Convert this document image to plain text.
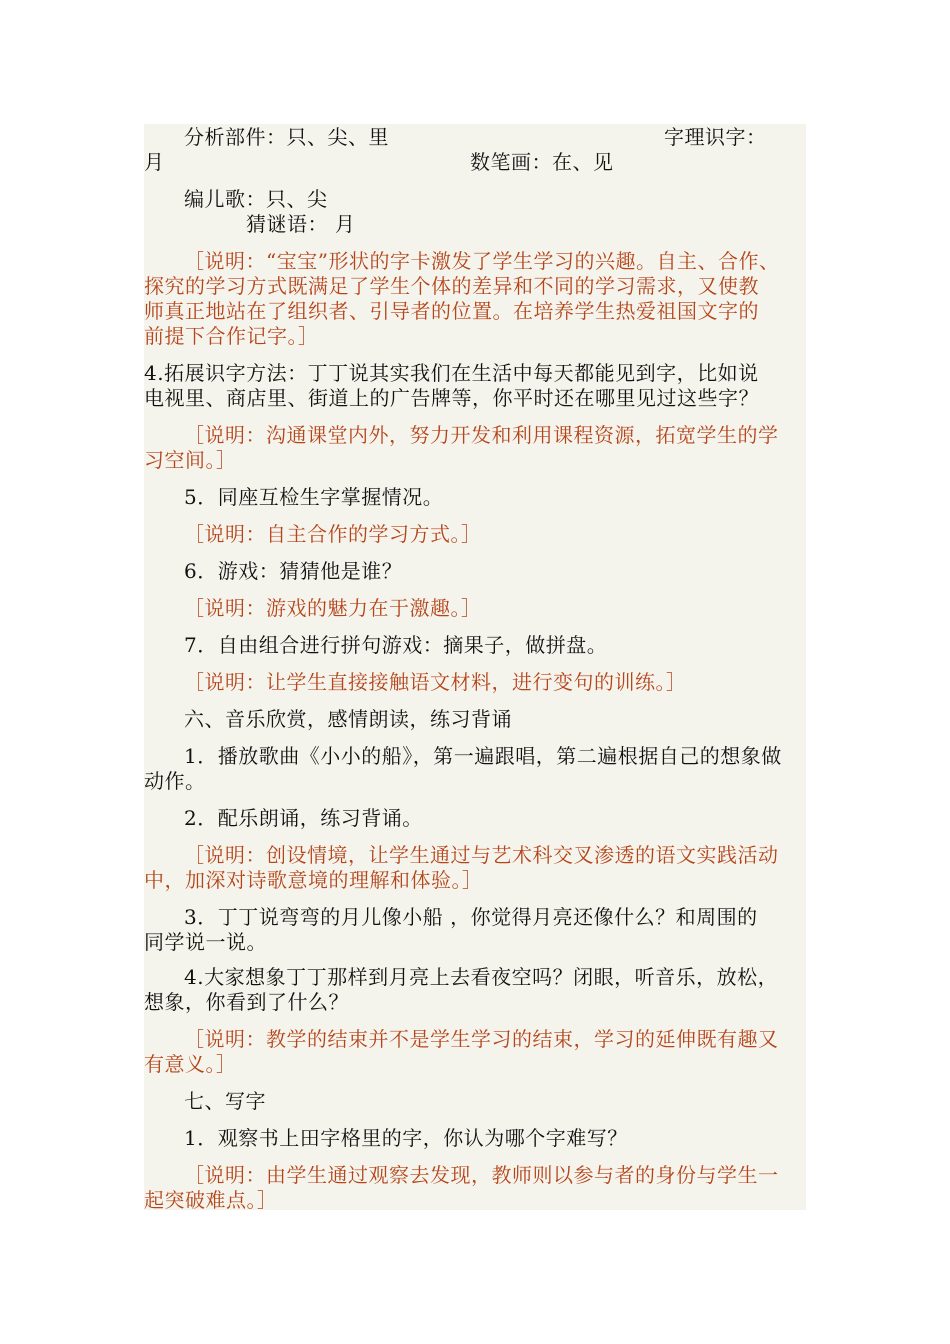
分析部件：只、尖、里	字理识字：
月	数笔画：在、见
编儿歌：只、尖
猜谜语： 月
［说明：“宝宝”形状的字卡激发了学生学习的兴趣。自主、合作、
探究的学习方式既满足了学生个体的差异和不同的学习需求，又使教
师真正地站在了组织者、引导者的位置。在培养学生热爱祖国文字的
前提下合作记字。］
4.拓展识字方法：丁丁说其实我们在生活中每天都能见到字，比如说
电视里、商店里、街道上的广告牌等，你平时还在哪里见过这些字？
［说明：沟通课堂内外，努力开发和利用课程资源，拓宽学生的学
习空间。］
5．同座互检生字掌握情况。
［说明：自主合作的学习方式。］
6．游戏：猜猜他是谁？
［说明：游戏的魅力在于激趣。］
7．自由组合进行拼句游戏：摘果子，做拼盘。
［说明：让学生直接接触语文材料，进行变句的训练。］
六、音乐欣赏，感情朗读，练习背诵
1．播放歌曲《小小的船》，第一遍跟唱，第二遍根据自己的想象做
动作。
2．配乐朗诵，练习背诵。
［说明：创设情境，让学生通过与艺术科交叉渗透的语文实践活动
中，加深对诗歌意境的理解和体验。］
3．丁丁说弯弯的月儿像小船 ，你觉得月亮还像什么？和周围的
同学说一说。
4.大家想象丁丁那样到月亮上去看夜空吗？闭眼，听音乐，放松，
想象，你看到了什么？
［说明：教学的结束并不是学生学习的结束，学习的延伸既有趣又
有意义。］
七、写字
1．观察书上田字格里的字，你认为哪个字难写？
［说明：由学生通过观察去发现，教师则以参与者的身份与学生一
起突破难点。］
